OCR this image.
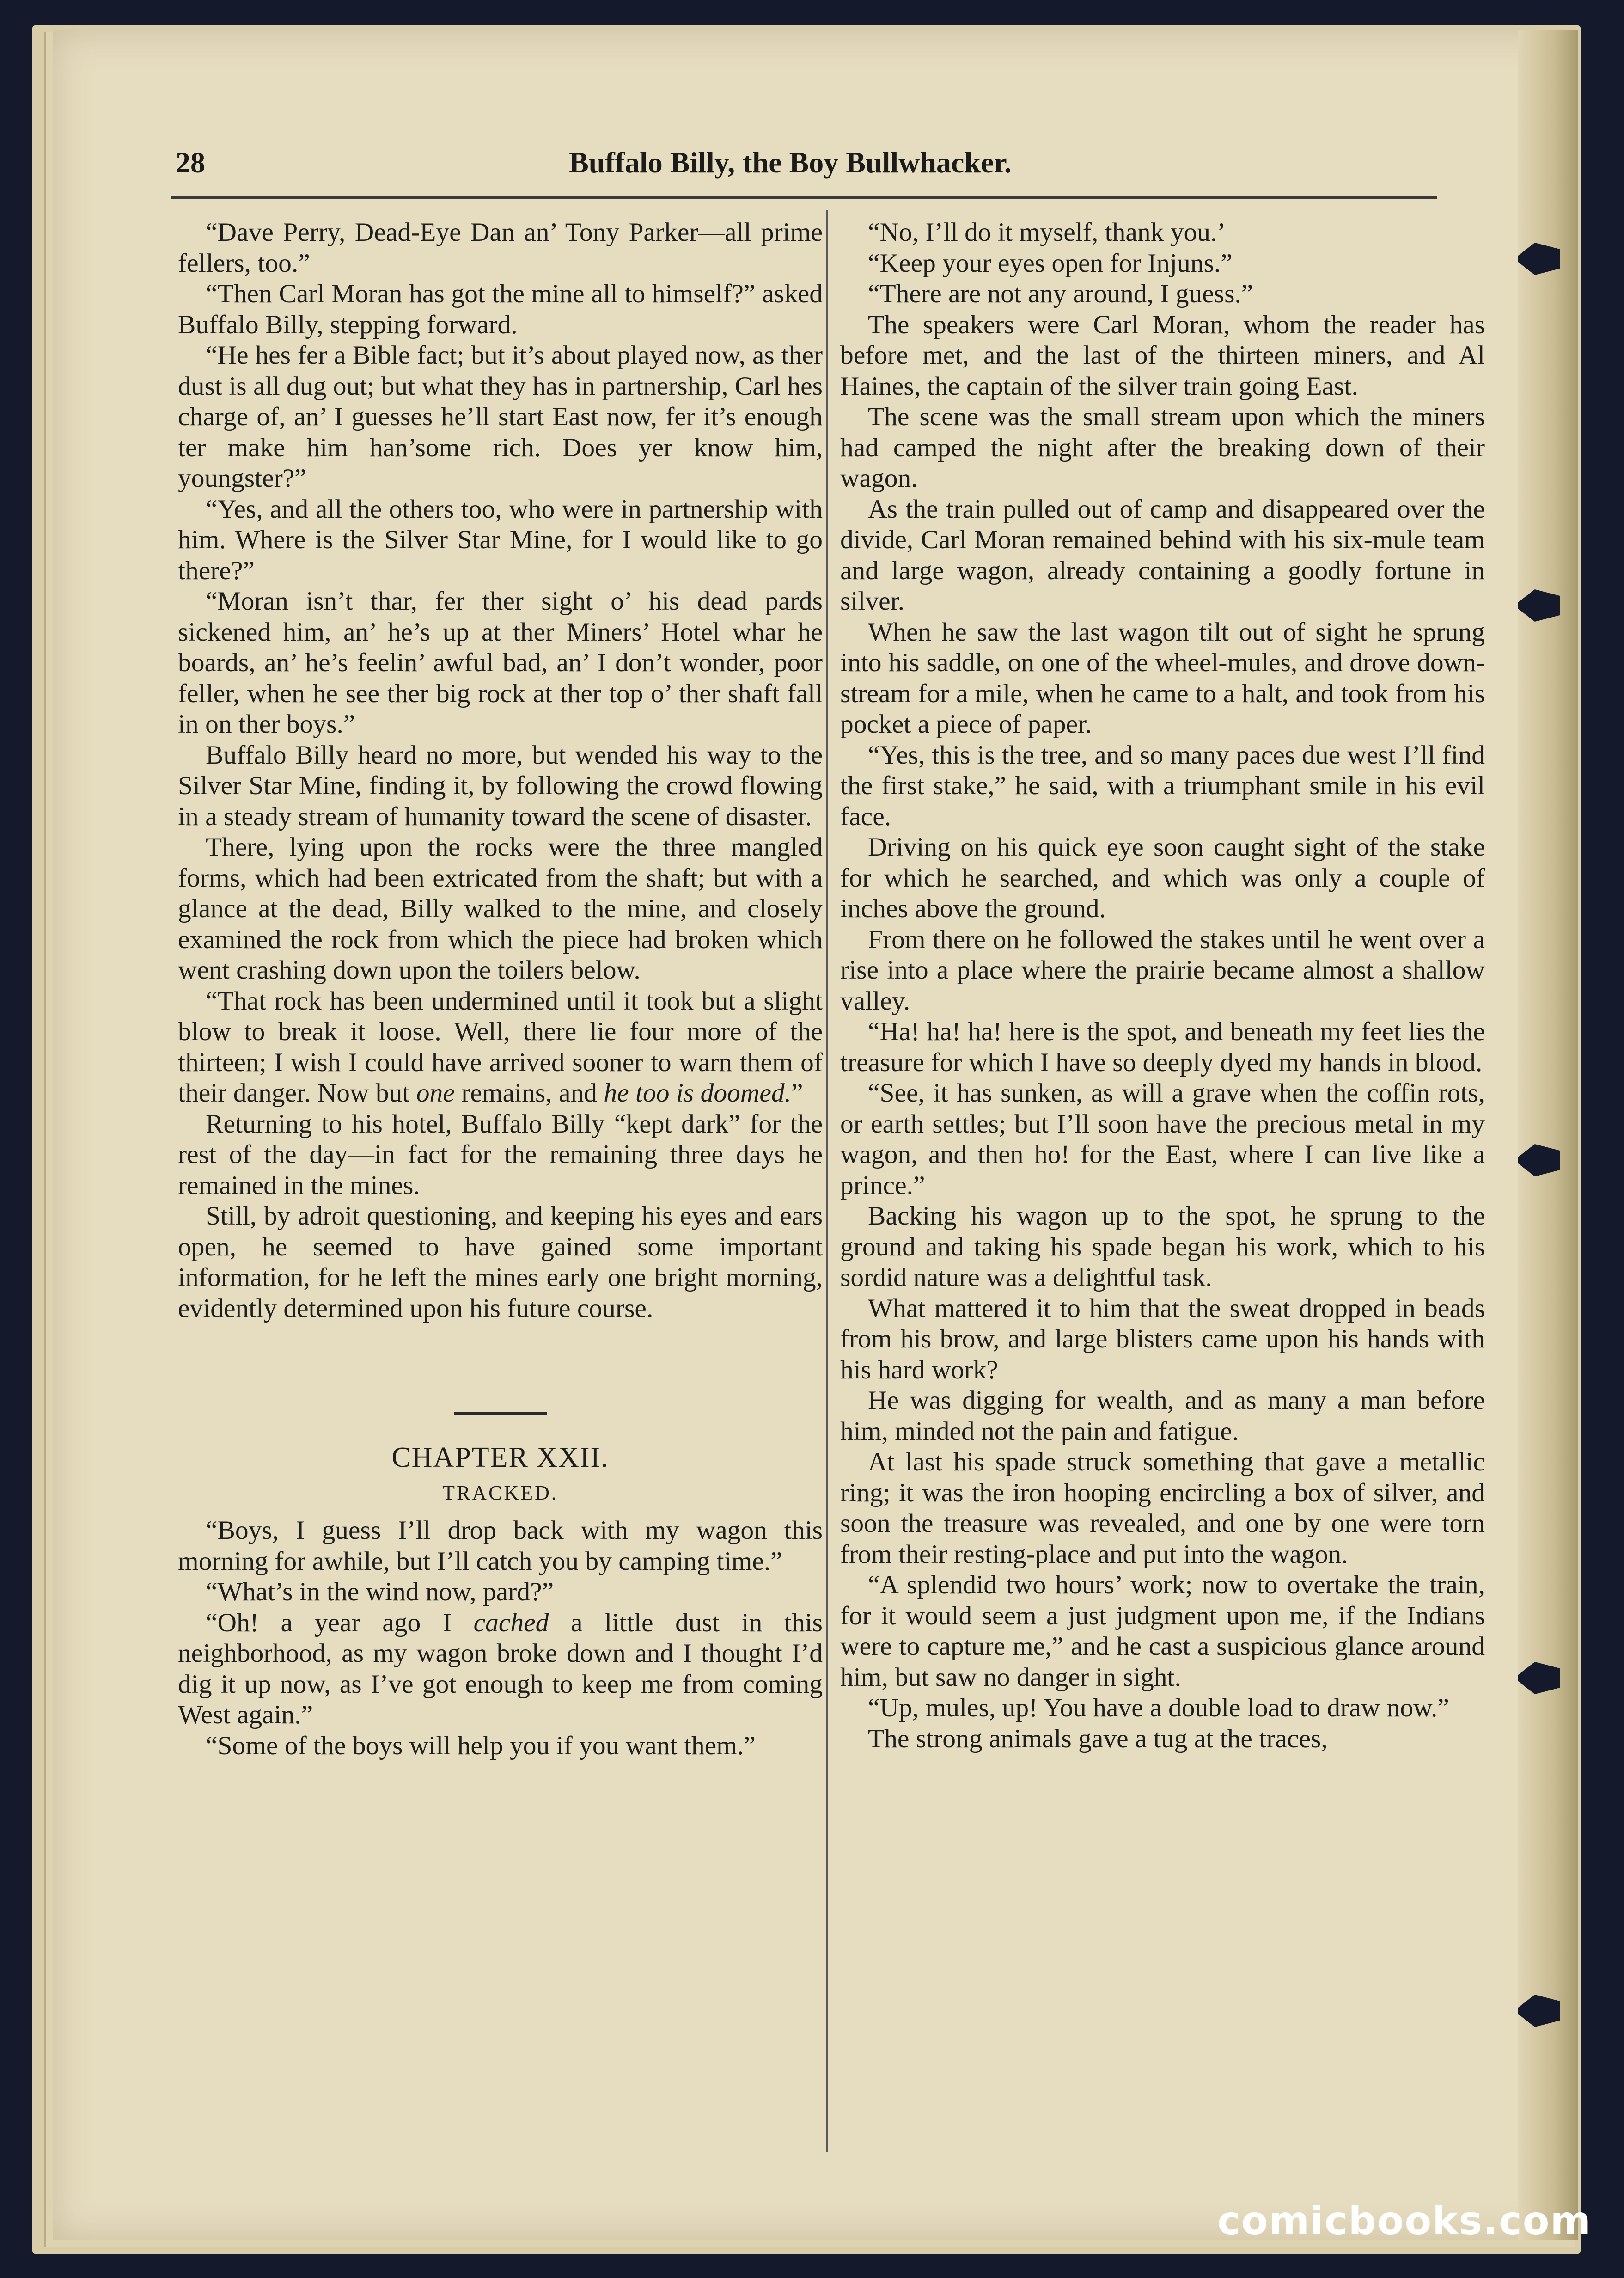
28	Buffalo Billy, the Boy Bullwhacker.

“Dave Perry, Dead-Eye Dan an’ Tony Parker—all prime fellers, too.”

“Then Carl Moran has got the mine all to himself?” asked Buffalo Billy, stepping forward.

“He hes fer a Bible fact; but it’s about played now, as ther dust is all dug out; but what they has in partnership, Carl hes charge of, an’ I guesses he’ll start East now, fer it’s enough ter make him han’some rich. Does yer know him, youngster?”

“Yes, and all the others too, who were in partnership with him. Where is the Silver Star Mine, for I would like to go there?”

“Moran isn’t thar, fer ther sight o’ his dead pards sickened him, an’ he’s up at ther Miners’ Hotel whar he boards, an’ he’s feelin’ awful bad, an’ I don’t wonder, poor feller, when he see ther big rock at ther top o’ ther shaft fall in on ther boys.”

Buffalo Billy heard no more, but wended his way to the Silver Star Mine, finding it, by following the crowd flowing in a steady stream of humanity toward the scene of disaster.

There, lying upon the rocks were the three mangled forms, which had been extricated from the shaft; but with a glance at the dead, Billy walked to the mine, and closely examined the rock from which the piece had broken which went crashing down upon the toilers below.

“That rock has been undermined until it took but a slight blow to break it loose. Well, there lie four more of the thirteen; I wish I could have arrived sooner to warn them of their danger. Now but one remains, and he too is doomed.”

Returning to his hotel, Buffalo Billy “kept dark” for the rest of the day—in fact for the remaining three days he remained in the mines.

Still, by adroit questioning, and keeping his eyes and ears open, he seemed to have gained some important information, for he left the mines early one bright morning, evidently determined upon his future course.

CHAPTER XXII.
TRACKED.

“Boys, I guess I’ll drop back with my wagon this morning for awhile, but I’ll catch you by camping time.”

“What’s in the wind now, pard?”

“Oh! a year ago I cached a little dust in this neighborhood, as my wagon broke down and I thought I’d dig it up now, as I’ve got enough to keep me from coming West again.”

“Some of the boys will help you if you want them.”

“No, I’ll do it myself, thank you.’

“Keep your eyes open for Injuns.”

“There are not any around, I guess.”

The speakers were Carl Moran, whom the reader has before met, and the last of the thirteen miners, and Al Haines, the captain of the silver train going East.

The scene was the small stream upon which the miners had camped the night after the breaking down of their wagon.

As the train pulled out of camp and disappeared over the divide, Carl Moran remained behind with his six-mule team and large wagon, already containing a goodly fortune in silver.

When he saw the last wagon tilt out of sight he sprung into his saddle, on one of the wheel-mules, and drove down-stream for a mile, when he came to a halt, and took from his pocket a piece of paper.

“Yes, this is the tree, and so many paces due west I’ll find the first stake,” he said, with a triumphant smile in his evil face.

Driving on his quick eye soon caught sight of the stake for which he searched, and which was only a couple of inches above the ground.

From there on he followed the stakes until he went over a rise into a place where the prairie became almost a shallow valley.

“Ha! ha! ha! here is the spot, and beneath my feet lies the treasure for which I have so deeply dyed my hands in blood.

“See, it has sunken, as will a grave when the coffin rots, or earth settles; but I’ll soon have the precious metal in my wagon, and then ho! for the East, where I can live like a prince.”

Backing his wagon up to the spot, he sprung to the ground and taking his spade began his work, which to his sordid nature was a delightful task.

What mattered it to him that the sweat dropped in beads from his brow, and large blisters came upon his hands with his hard work?

He was digging for wealth, and as many a man before him, minded not the pain and fatigue.

At last his spade struck something that gave a metallic ring; it was the iron hooping encircling a box of silver, and soon the treasure was revealed, and one by one were torn from their resting-place and put into the wagon.

“A splendid two hours’ work; now to overtake the train, for it would seem a just judgment upon me, if the Indians were to capture me,” and he cast a suspicious glance around him, but saw no danger in sight.

“Up, mules, up! You have a double load to draw now.”

The strong animals gave a tug at the traces,

comicbooks.com
